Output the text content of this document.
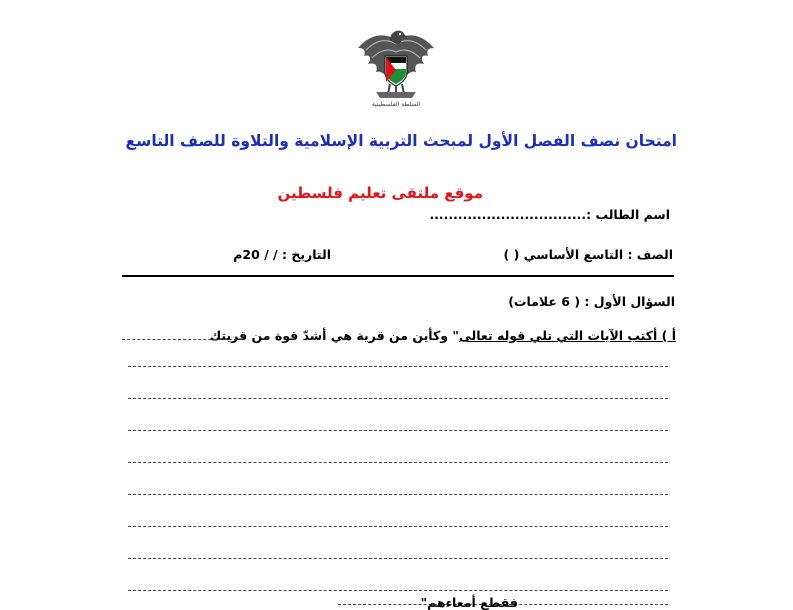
السلطة الفلسطينية
امتحان نصف الفصل الأول لمبحث التربية الإسلامية والتلاوة للصف التاسع
موقع ملتقى تعليم فلسطين
اسم الطالب :.................................
الصف : التاسع الأساسي ( )
التاريخ : / / 20م
السؤال الأول : ( 6 علامات)
أ ) أكتب الآيات التي تلي قوله تعالى" وكأين من قرية هي أشدّ قوة من قريتك
فقطع أمعاءهم"
